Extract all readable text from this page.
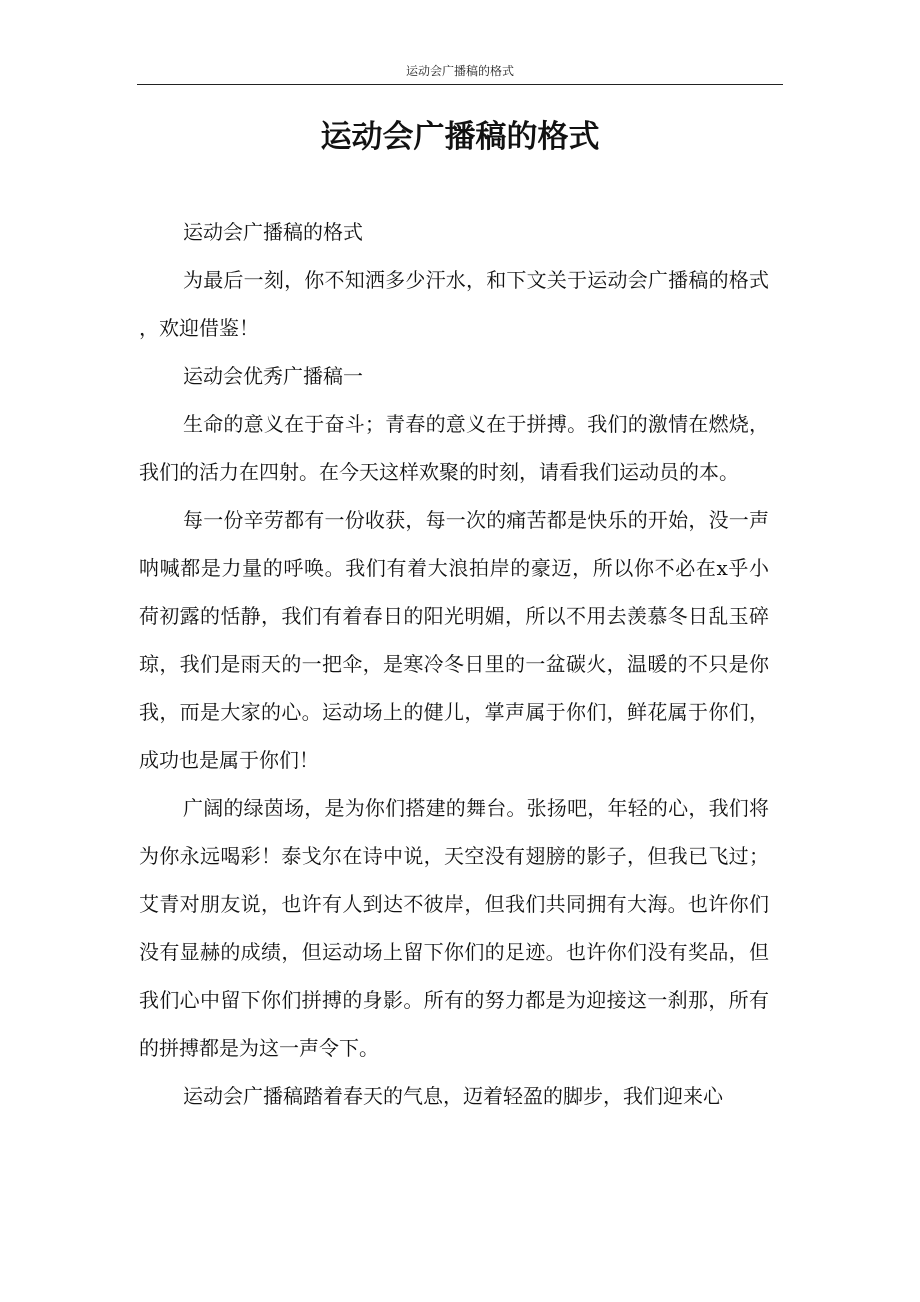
运动会广播稿的格式
运动会广播稿的格式

运动会广播稿的格式

为最后一刻，你不知洒多少汗水，和下文关于运动会广播稿的格式 ，欢迎借鉴！

运动会优秀广播稿一

生命的意义在于奋斗；青春的意义在于拼搏。我们的激情在燃烧，我们的活力在四射。在今天这样欢聚的时刻，请看我们运动员的本。

每一份辛劳都有一份收获，每一次的痛苦都是快乐的开始，没一声呐喊都是力量的呼唤。我们有着大浪拍岸的豪迈，所以你不必在x乎小荷初露的恬静，我们有着春日的阳光明媚，所以不用去羡慕冬日乱玉碎琼，我们是雨天的一把伞，是寒冷冬日里的一盆碳火，温暖的不只是你我，而是大家的心。运动场上的健儿，掌声属于你们，鲜花属于你们，成功也是属于你们！

广阔的绿茵场，是为你们搭建的舞台。张扬吧，年轻的心，我们将为你永远喝彩！泰戈尔在诗中说，天空没有翅膀的影子，但我已飞过；艾青对朋友说，也许有人到达不彼岸，但我们共同拥有大海。也许你们没有显赫的成绩，但运动场上留下你们的足迹。也许你们没有奖品，但我们心中留下你们拼搏的身影。所有的努力都是为迎接这一刹那，所有的拼搏都是为这一声令下。

运动会广播稿踏着春天的气息，迈着轻盈的脚步，我们迎来心
